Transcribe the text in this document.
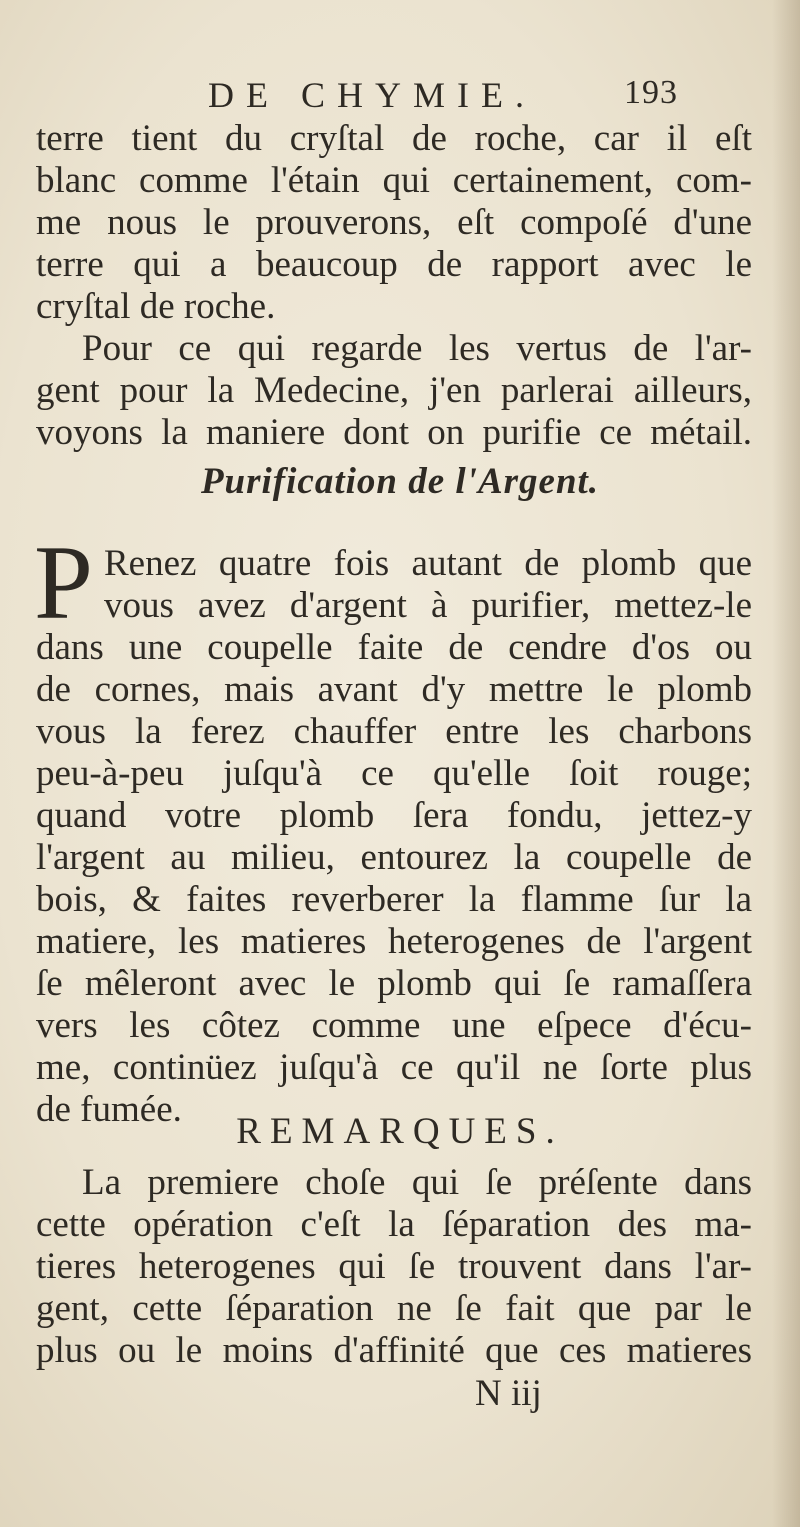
DE CHYMIE.	193
terre tient du cryſtal de roche, car il eſt
blanc comme l'étain qui certainement, com-
me nous le prouverons, eſt compoſé d'une
terre qui a beaucoup de rapport avec le
cryſtal de roche.
Pour ce qui regarde les vertus de l'ar-
gent pour la Medecine, j'en parlerai ailleurs,
voyons la maniere dont on purifie ce métail.
Purification de l'Argent.
P Renez quatre fois autant de plomb que
vous avez d'argent à purifier, mettez-le
dans une coupelle faite de cendre d'os ou
de cornes, mais avant d'y mettre le plomb
vous la ferez chauffer entre les charbons
peu-à-peu juſqu'à ce qu'elle ſoit rouge;
quand votre plomb ſera fondu, jettez-y
l'argent au milieu, entourez la coupelle de
bois, & faites reverberer la flamme ſur la
matiere, les matieres heterogenes de l'argent
ſe mêleront avec le plomb qui ſe ramaſſera
vers les côtez comme une eſpece d'écu-
me, continüez juſqu'à ce qu'il ne ſorte plus
de fumée.
REMARQUES.
La premiere choſe qui ſe préſente dans
cette opération c'eſt la ſéparation des ma-
tieres heterogenes qui ſe trouvent dans l'ar-
gent, cette ſéparation ne ſe fait que par le
plus ou le moins d'affinité que ces matieres
N iij
